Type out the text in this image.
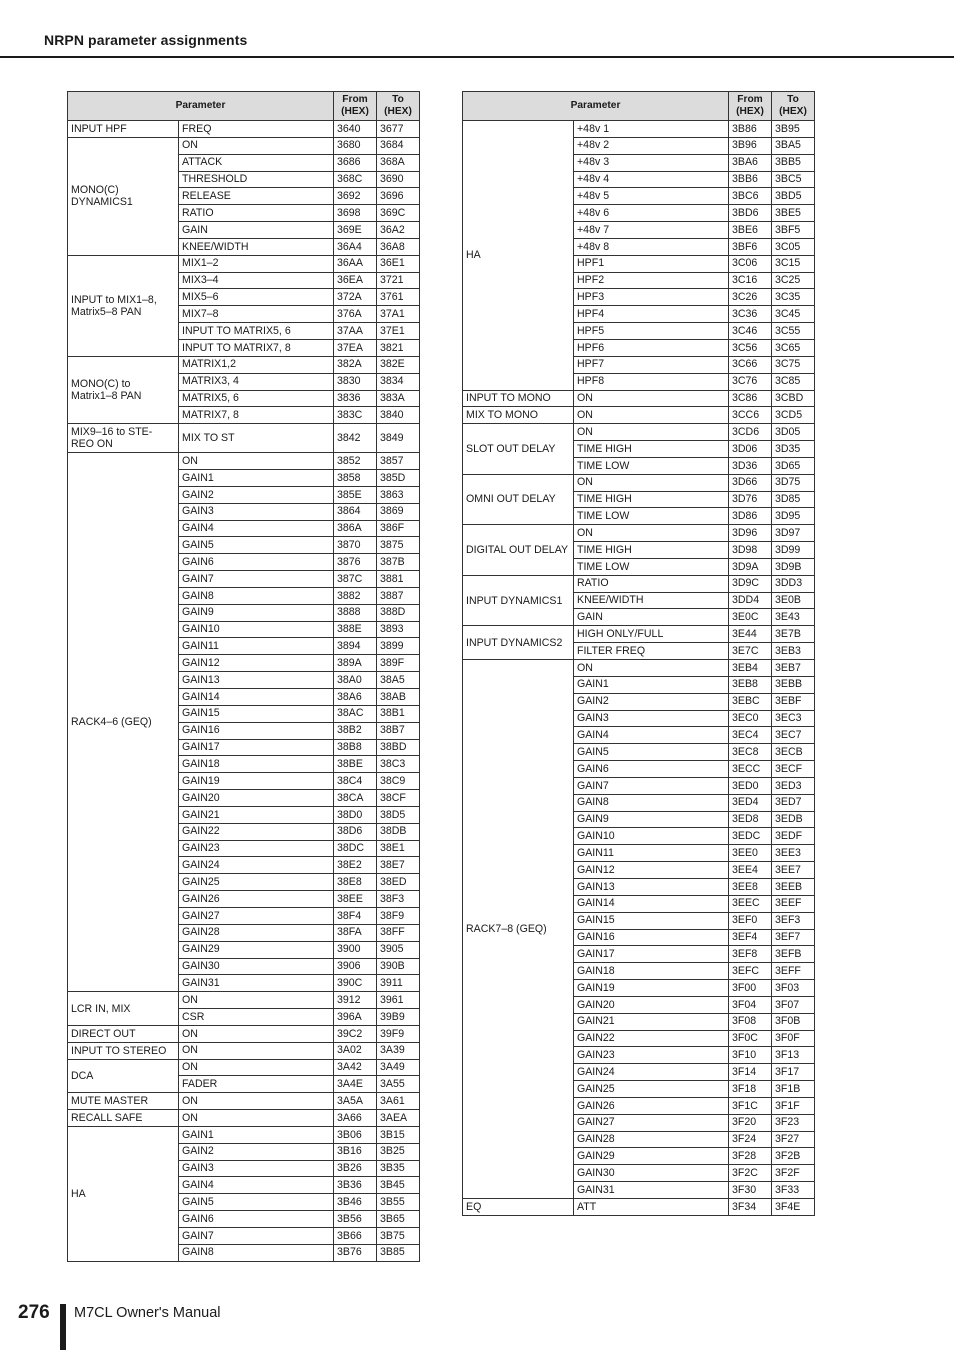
NRPN parameter assignments
Parameter		From
(HEX)	To
(HEX)
INPUT HPF	FREQ	3640	3677
MONO(C)
DYNAMICS1	ON	3680	3684
	ATTACK	3686	368A
	THRESHOLD	368C	3690
	RELEASE	3692	3696
	RATIO	3698	369C
	GAIN	369E	36A2
	KNEE/WIDTH	36A4	36A8
INPUT to MIX1–8,
Matrix5–8 PAN	MIX1–2	36AA	36E1
	MIX3–4	36EA	3721
	MIX5–6	372A	3761
	MIX7–8	376A	37A1
	INPUT TO MATRIX5, 6	37AA	37E1
	INPUT TO MATRIX7, 8	37EA	3821
MONO(C) to
Matrix1–8 PAN	MATRIX1,2	382A	382E
	MATRIX3, 4	3830	3834
	MATRIX5, 6	3836	383A
	MATRIX7, 8	383C	3840
MIX9–16 to STE-
REO ON	MIX TO ST	3842	3849
RACK4–6 (GEQ)	ON	3852	3857
	GAIN1	3858	385D
	GAIN2	385E	3863
	GAIN3	3864	3869
	GAIN4	386A	386F
	GAIN5	3870	3875
	GAIN6	3876	387B
	GAIN7	387C	3881
	GAIN8	3882	3887
	GAIN9	3888	388D
	GAIN10	388E	3893
	GAIN11	3894	3899
	GAIN12	389A	389F
	GAIN13	38A0	38A5
	GAIN14	38A6	38AB
	GAIN15	38AC	38B1
	GAIN16	38B2	38B7
	GAIN17	38B8	38BD
	GAIN18	38BE	38C3
	GAIN19	38C4	38C9
	GAIN20	38CA	38CF
	GAIN21	38D0	38D5
	GAIN22	38D6	38DB
	GAIN23	38DC	38E1
	GAIN24	38E2	38E7
	GAIN25	38E8	38ED
	GAIN26	38EE	38F3
	GAIN27	38F4	38F9
	GAIN28	38FA	38FF
	GAIN29	3900	3905
	GAIN30	3906	390B
	GAIN31	390C	3911
LCR IN, MIX	ON	3912	3961
	CSR	396A	39B9
DIRECT OUT	ON	39C2	39F9
INPUT TO STEREO	ON	3A02	3A39
DCA	ON	3A42	3A49
	FADER	3A4E	3A55
MUTE MASTER	ON	3A5A	3A61
RECALL SAFE	ON	3A66	3AEA
HA	GAIN1	3B06	3B15
	GAIN2	3B16	3B25
	GAIN3	3B26	3B35
	GAIN4	3B36	3B45
	GAIN5	3B46	3B55
	GAIN6	3B56	3B65
	GAIN7	3B66	3B75
	GAIN8	3B76	3B85
Parameter		From
(HEX)	To
(HEX)
HA	+48v 1	3B86	3B95
	+48v 2	3B96	3BA5
	+48v 3	3BA6	3BB5
	+48v 4	3BB6	3BC5
	+48v 5	3BC6	3BD5
	+48v 6	3BD6	3BE5
	+48v 7	3BE6	3BF5
	+48v 8	3BF6	3C05
	HPF1	3C06	3C15
	HPF2	3C16	3C25
	HPF3	3C26	3C35
	HPF4	3C36	3C45
	HPF5	3C46	3C55
	HPF6	3C56	3C65
	HPF7	3C66	3C75
	HPF8	3C76	3C85
INPUT TO MONO	ON	3C86	3CBD
MIX TO MONO	ON	3CC6	3CD5
SLOT OUT DELAY	ON	3CD6	3D05
	TIME HIGH	3D06	3D35
	TIME LOW	3D36	3D65
OMNI OUT DELAY	ON	3D66	3D75
	TIME HIGH	3D76	3D85
	TIME LOW	3D86	3D95
DIGITAL OUT DELAY	ON	3D96	3D97
	TIME HIGH	3D98	3D99
	TIME LOW	3D9A	3D9B
INPUT DYNAMICS1	RATIO	3D9C	3DD3
	KNEE/WIDTH	3DD4	3E0B
	GAIN	3E0C	3E43
INPUT DYNAMICS2	HIGH ONLY/FULL	3E44	3E7B
	FILTER FREQ	3E7C	3EB3
RACK7–8 (GEQ)	ON	3EB4	3EB7
	GAIN1	3EB8	3EBB
	GAIN2	3EBC	3EBF
	GAIN3	3EC0	3EC3
	GAIN4	3EC4	3EC7
	GAIN5	3EC8	3ECB
	GAIN6	3ECC	3ECF
	GAIN7	3ED0	3ED3
	GAIN8	3ED4	3ED7
	GAIN9	3ED8	3EDB
	GAIN10	3EDC	3EDF
	GAIN11	3EE0	3EE3
	GAIN12	3EE4	3EE7
	GAIN13	3EE8	3EEB
	GAIN14	3EEC	3EEF
	GAIN15	3EF0	3EF3
	GAIN16	3EF4	3EF7
	GAIN17	3EF8	3EFB
	GAIN18	3EFC	3EFF
	GAIN19	3F00	3F03
	GAIN20	3F04	3F07
	GAIN21	3F08	3F0B
	GAIN22	3F0C	3F0F
	GAIN23	3F10	3F13
	GAIN24	3F14	3F17
	GAIN25	3F18	3F1B
	GAIN26	3F1C	3F1F
	GAIN27	3F20	3F23
	GAIN28	3F24	3F27
	GAIN29	3F28	3F2B
	GAIN30	3F2C	3F2F
	GAIN31	3F30	3F33
EQ	ATT	3F34	3F4E
276 M7CL Owner's Manual
